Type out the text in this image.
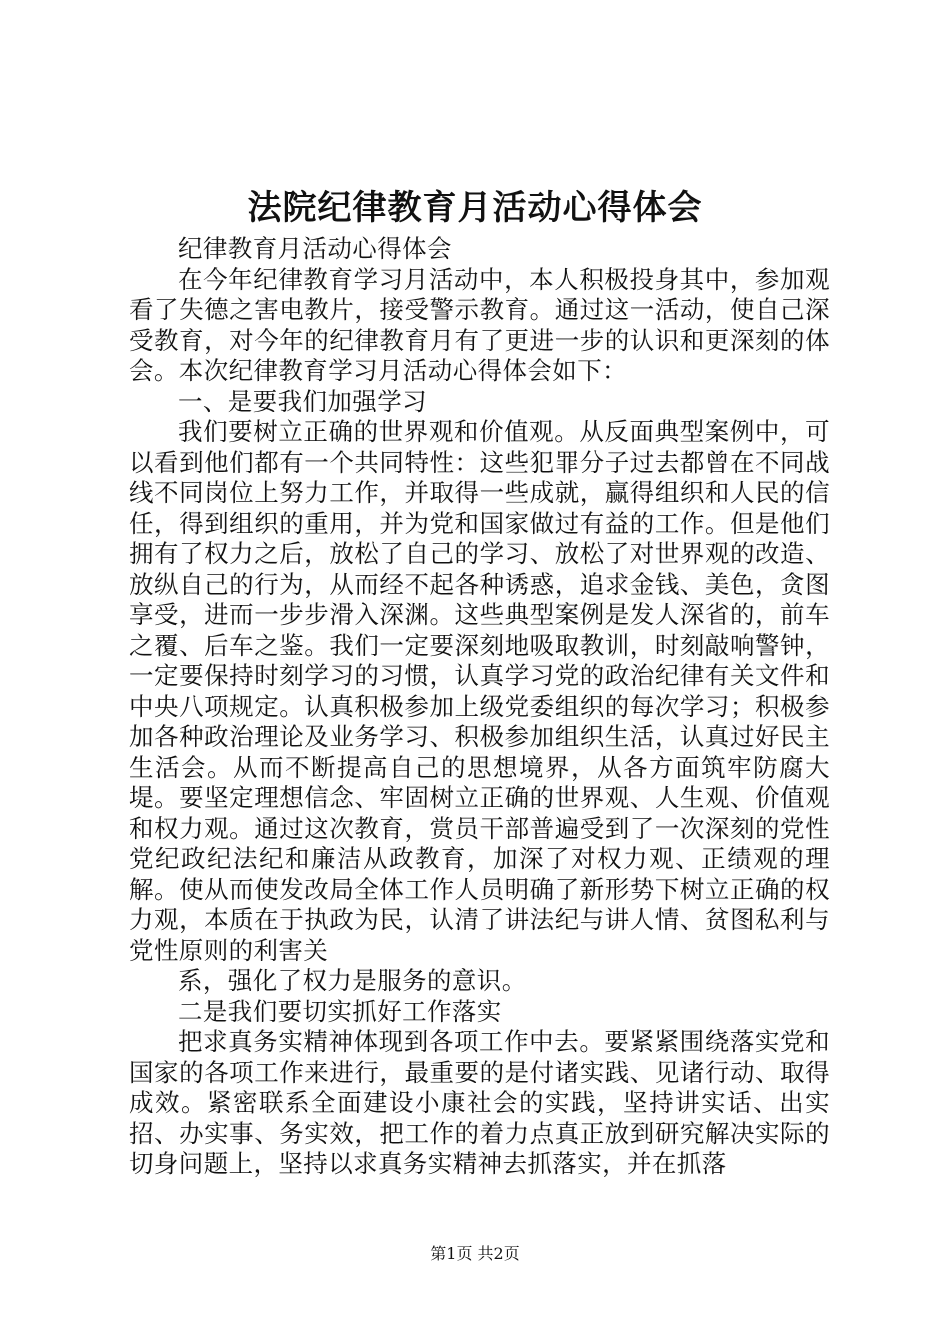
法院纪律教育月活动心得体会

纪律教育月活动心得体会

在今年纪律教育学习月活动中，本人积极投身其中，参加观看了失德之害电教片，接受警示教育。通过这一活动，使自己深受教育，对今年的纪律教育月有了更进一步的认识和更深刻的体会。本次纪律教育学习月活动心得体会如下：

一、是要我们加强学习

我们要树立正确的世界观和价值观。从反面典型案例中，可以看到他们都有一个共同特性：这些犯罪分子过去都曾在不同战线不同岗位上努力工作，并取得一些成就，赢得组织和人民的信任，得到组织的重用，并为党和国家做过有益的工作。但是他们拥有了权力之后，放松了自己的学习、放松了对世界观的改造、放纵自己的行为，从而经不起各种诱惑，追求金钱、美色，贪图享受，进而一步步滑入深渊。这些典型案例是发人深省的，前车之覆、后车之鉴。我们一定要深刻地吸取教训，时刻敲响警钟，一定要保持时刻学习的习惯，认真学习党的政治纪律有关文件和中央八项规定。认真积极参加上级党委组织的每次学习；积极参加各种政治理论及业务学习、积极参加组织生活，认真过好民主生活会。从而不断提高自己的思想境界，从各方面筑牢防腐大堤。要坚定理想信念、牢固树立正确的世界观、人生观、价值观和权力观。通过这次教育，赏员干部普遍受到了一次深刻的党性党纪政纪法纪和廉洁从政教育，加深了对权力观、正绩观的理解。使从而使发改局全体工作人员明确了新形势下树立正确的权力观，本质在于执政为民，认清了讲法纪与讲人情、贫图私利与党性原则的利害关

系，强化了权力是服务的意识。

二是我们要切实抓好工作落实

把求真务实精神体现到各项工作中去。要紧紧围绕落实党和国家的各项工作来进行，最重要的是付诸实践、见诸行动、取得成效。紧密联系全面建设小康社会的实践，坚持讲实话、出实招、办实事、务实效，把工作的着力点真正放到研究解决实际的切身问题上，坚持以求真务实精神去抓落实，并在抓落

第1页 共2页
